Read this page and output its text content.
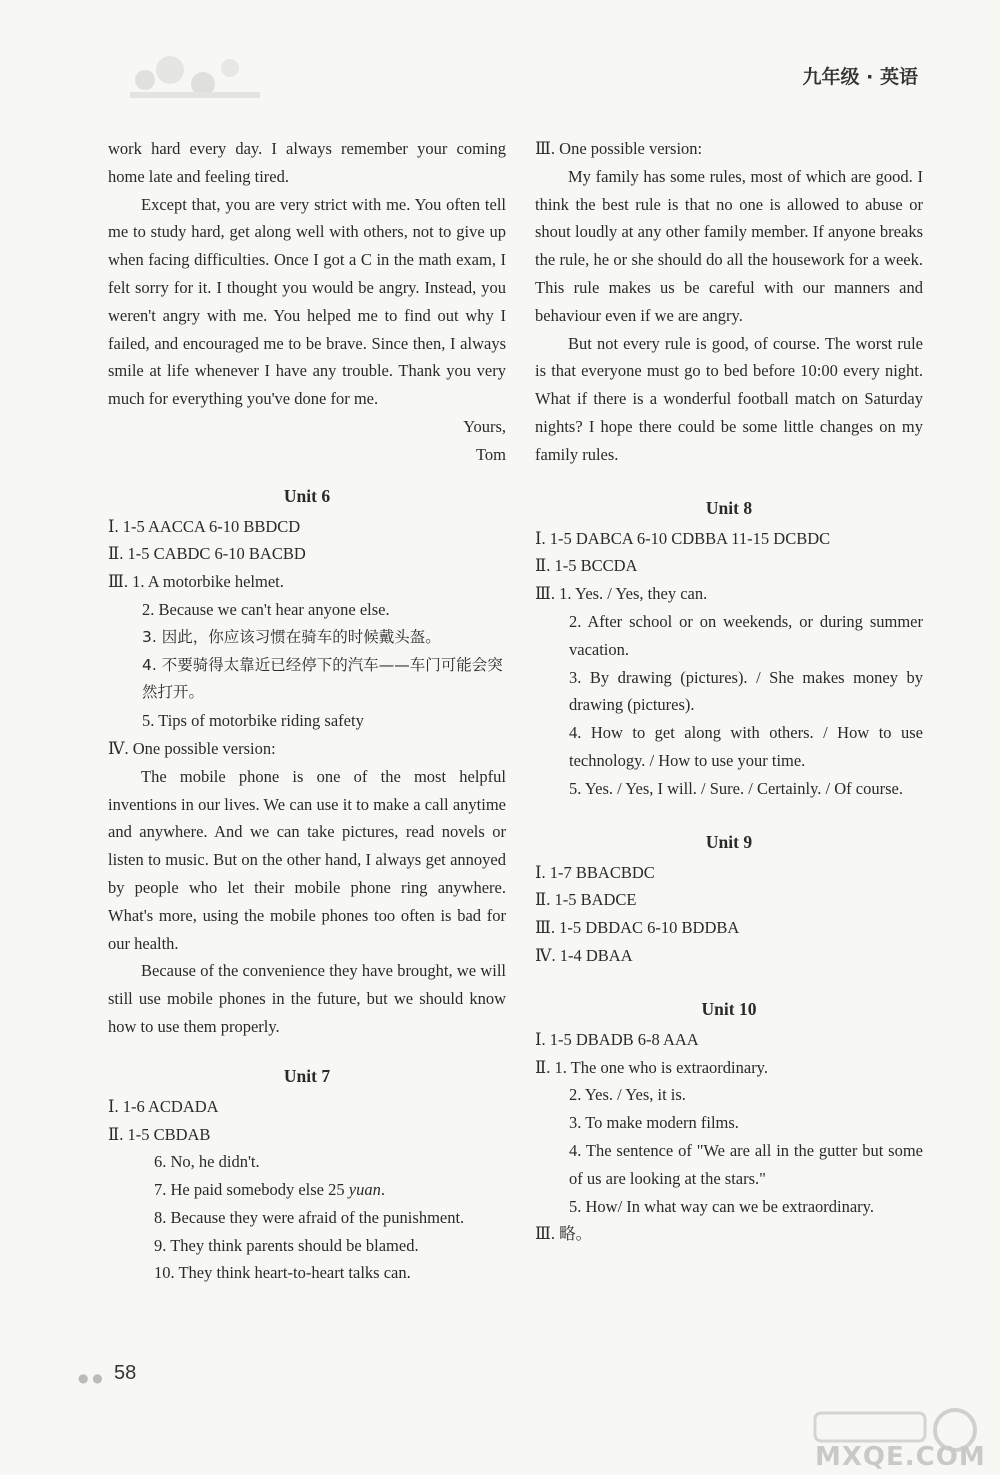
九年级 · 英语

work hard every day. I always remember your coming home late and feeling tired.

Except that, you are very strict with me. You often tell me to study hard, get along well with others, not to give up when facing difficulties. Once I got a C in the math exam, I felt sorry for it. I thought you would be angry. Instead, you weren't angry with me. You helped me to find out why I failed, and encouraged me to be brave. Since then, I always smile at life whenever I have any trouble. Thank you very much for everything you've done for me.

Yours,

Tom

Unit 6

Ⅰ. 1-5 AACCA 6-10 BBDCD

Ⅱ. 1-5 CABDC 6-10 BACBD

Ⅲ. 1. A motorbike helmet.

2. Because we can't hear anyone else.

3. 因此，你应该习惯在骑车的时候戴头盔。

4. 不要骑得太靠近已经停下的汽车——车门可能会突然打开。

5. Tips of motorbike riding safety

Ⅳ. One possible version:

The mobile phone is one of the most helpful inventions in our lives. We can use it to make a call anytime and anywhere. And we can take pictures, read novels or listen to music. But on the other hand, I always get annoyed by people who let their mobile phone ring anywhere. What's more, using the mobile phones too often is bad for our health.

Because of the convenience they have brought, we will still use mobile phones in the future, but we should know how to use them properly.

Unit 7

Ⅰ. 1-6 ACDADA

Ⅱ. 1-5 CBDAB

6. No, he didn't.

7. He paid somebody else 25 yuan.

8. Because they were afraid of the punishment.

9. They think parents should be blamed.

10. They think heart-to-heart talks can.

Ⅲ. One possible version:

My family has some rules, most of which are good. I think the best rule is that no one is allowed to abuse or shout loudly at any other family member. If anyone breaks the rule, he or she should do all the housework for a week. This rule makes us be careful with our manners and behaviour even if we are angry.

But not every rule is good, of course. The worst rule is that everyone must go to bed before 10:00 every night. What if there is a wonderful football match on Saturday nights? I hope there could be some little changes on my family rules.

Unit 8

Ⅰ. 1-5 DABCA 6-10 CDBBA 11-15 DCBDC

Ⅱ. 1-5 BCCDA

Ⅲ. 1. Yes. / Yes, they can.

2. After school or on weekends, or during summer vacation.

3. By drawing (pictures). / She makes money by drawing (pictures).

4. How to get along with others. / How to use technology. / How to use your time.

5. Yes. / Yes, I will. / Sure. / Certainly. / Of course.

Unit 9

Ⅰ. 1-7 BBACBDC

Ⅱ. 1-5 BADCE

Ⅲ. 1-5 DBDAC 6-10 BDDBA

Ⅳ. 1-4 DBAA

Unit 10

Ⅰ. 1-5 DBADB 6-8 AAA

Ⅱ. 1. The one who is extraordinary.

2. Yes. / Yes, it is.

3. To make modern films.

4. The sentence of "We are all in the gutter but some of us are looking at the stars."

5. How/ In what way can we be extraordinary.

Ⅲ. 略。

● ● 58
MXQE.COM
